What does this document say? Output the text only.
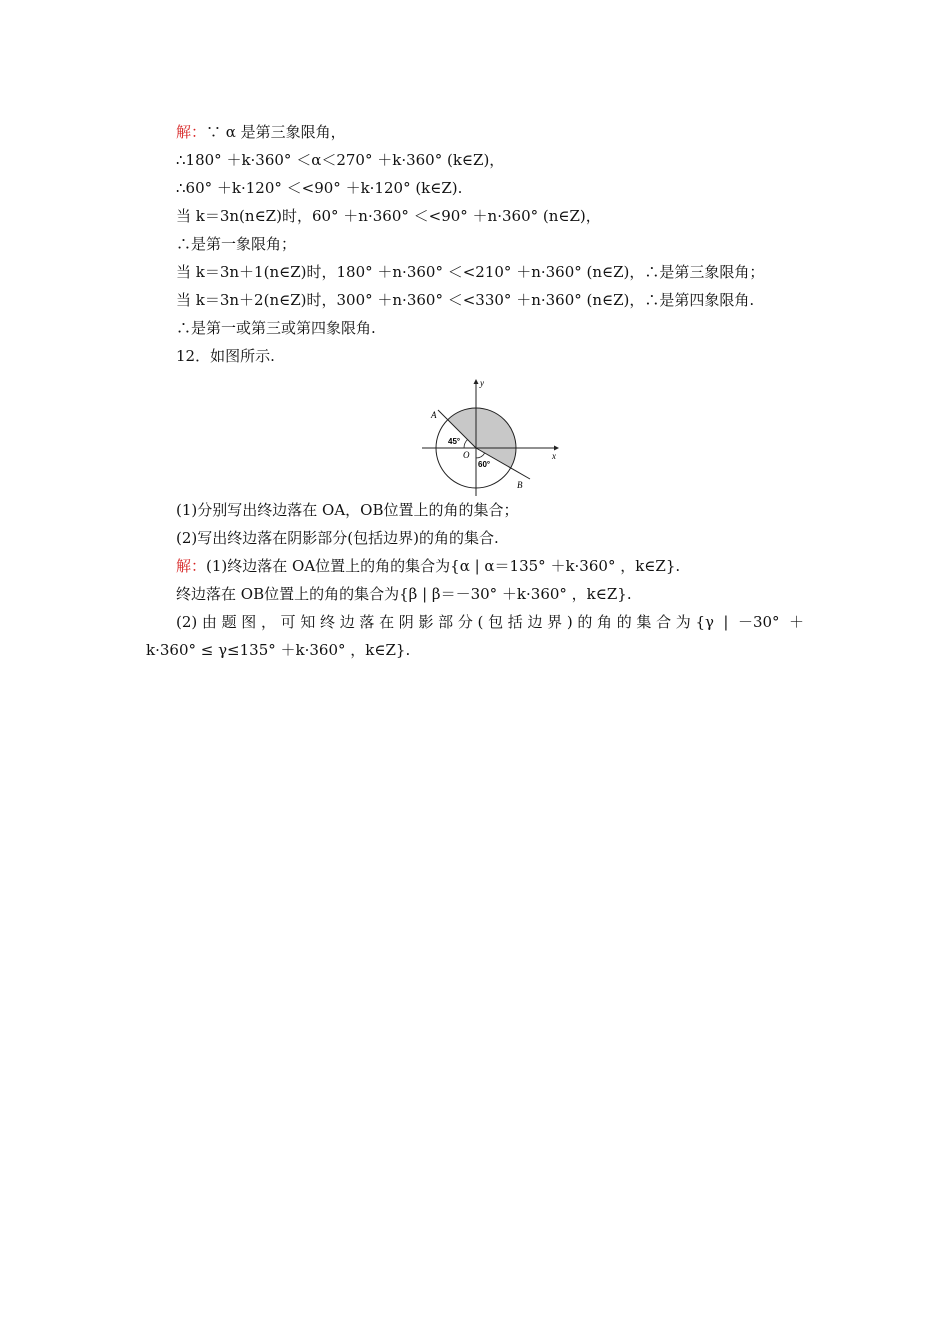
解：∵ α 是第三象限角，
∴180° ＋k·360° ＜α＜270° ＋k·360° (k∈Z)，
∴60° ＋k·120° ＜<90° ＋k·120° (k∈Z).
当 k＝3n(n∈Z)时，60° ＋n·360° ＜<90° ＋n·360° (n∈Z)，
∴是第一象限角；
当 k＝3n＋1(n∈Z)时，180° ＋n·360° ＜<210° ＋n·360° (n∈Z)，∴是第三象限角；
当 k＝3n＋2(n∈Z)时，300° ＋n·360° ＜<330° ＋n·360° (n∈Z)，∴是第四象限角.
∴是第一或第三或第四象限角.
12．如图所示.
y
x
A
B
O
45°
60°
(1)分别写出终边落在 OA，OB位置上的角的集合；
(2)写出终边落在阴影部分(包括边界)的角的集合.
解：(1)终边落在 OA位置上的角的集合为{α | α＝135° ＋k·360° ，k∈Z}.
终边落在 OB位置上的角的集合为{β | β＝－30° ＋k·360° ，k∈Z}.
(2)由题图，可知终边落在阴影部分(包括边界)的角的集合为{γ | －30° ＋
k·360° ≤ γ≤135° ＋k·360° ，k∈Z}.
